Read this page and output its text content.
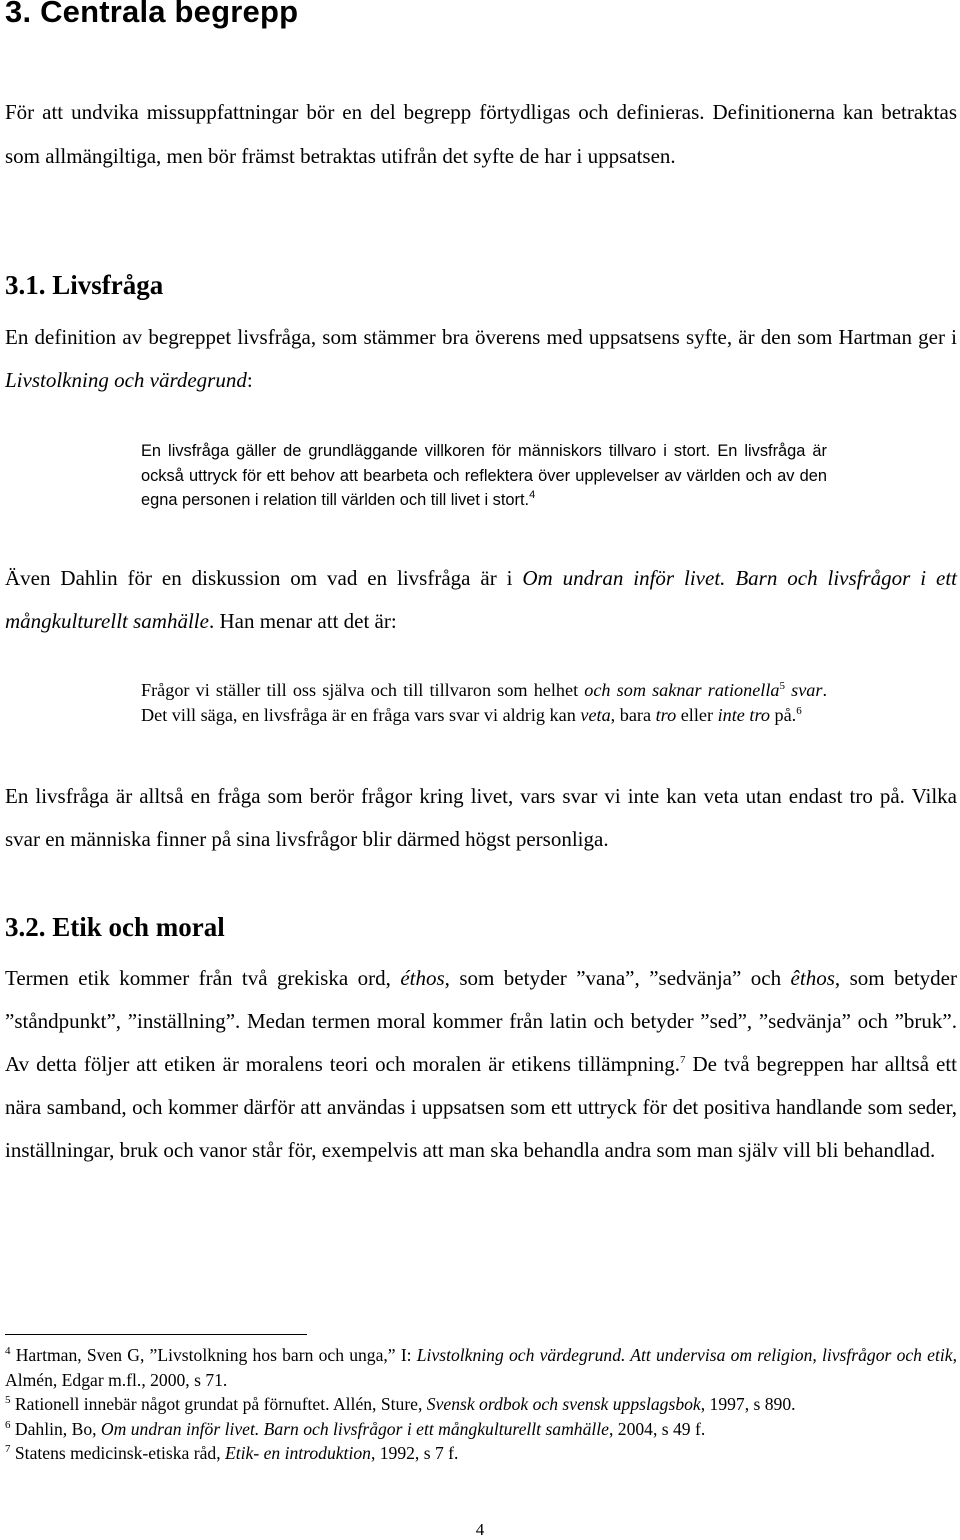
3. Centrala begrepp

För att undvika missuppfattningar bör en del begrepp förtydligas och definieras. Definitionerna kan betraktas som allmängiltiga, men bör främst betraktas utifrån det syfte de har i uppsatsen.

3.1. Livsfråga

En definition av begreppet livsfråga, som stämmer bra överens med uppsatsens syfte, är den som Hartman ger i Livstolkning och värdegrund:

En livsfråga gäller de grundläggande villkoren för människors tillvaro i stort. En livsfråga är också uttryck för ett behov att bearbeta och reflektera över upplevelser av världen och av den egna personen i relation till världen och till livet i stort.$^4$

Även Dahlin för en diskussion om vad en livsfråga är i Om undran inför livet. Barn och livsfrågor i ett mångkulturellt samhälle. Han menar att det är:

Frågor vi ställer till oss själva och till tillvaron som helhet och som saknar rationella$^5$ svar. Det vill säga, en livsfråga är en fråga vars svar vi aldrig kan veta, bara tro eller inte tro på.$^6$

En livsfråga är alltså en fråga som berör frågor kring livet, vars svar vi inte kan veta utan endast tro på. Vilka svar en människa finner på sina livsfrågor blir därmed högst personliga.

3.2. Etik och moral

Termen etik kommer från två grekiska ord, éthos, som betyder ”vana”, ”sedvänja” och êthos, som betyder ”ståndpunkt”, ”inställning”. Medan termen moral kommer från latin och betyder ”sed”, ”sedvänja” och ”bruk”. Av detta följer att etiken är moralens teori och moralen är etikens tillämpning.$^7$ De två begreppen har alltså ett nära samband, och kommer därför att användas i uppsatsen som ett uttryck för det positiva handlande som seder, inställningar, bruk och vanor står för, exempelvis att man ska behandla andra som man själv vill bli behandlad.

$^4$ Hartman, Sven G, ”Livstolkning hos barn och unga,” I: Livstolkning och värdegrund. Att undervisa om religion, livsfrågor och etik, Almén, Edgar m.fl., 2000, s 71.

$^5$ Rationell innebär något grundat på förnuftet. Allén, Sture, Svensk ordbok och svensk uppslagsbok, 1997, s 890.

$^6$ Dahlin, Bo, Om undran inför livet. Barn och livsfrågor i ett mångkulturellt samhälle, 2004, s 49 f.

$^7$ Statens medicinsk-etiska råd, Etik- en introduktion, 1992, s 7 f.

4
